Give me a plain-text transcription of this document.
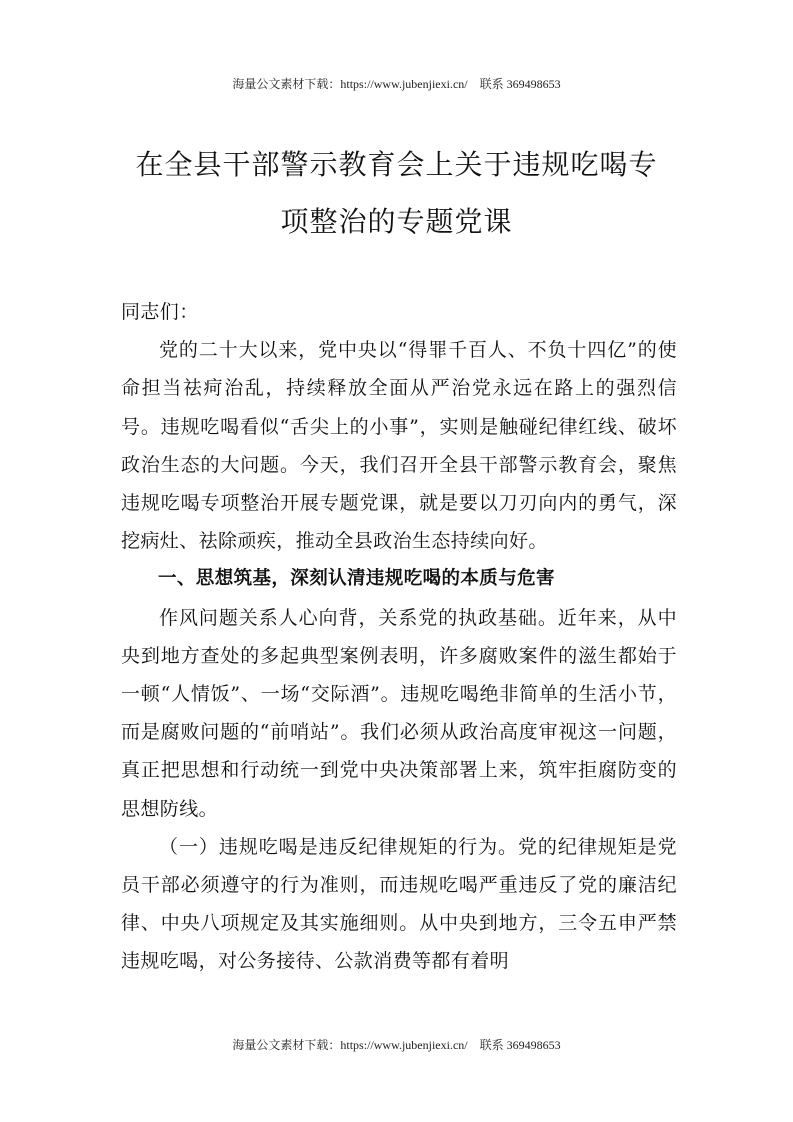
海量公文素材下载：https://www.jubenjiexi.cn/　联系 369498653
在全县干部警示教育会上关于违规吃喝专
项整治的专题党课

同志们：

党的二十大以来，党中央以“得罪千百人、不负十四亿”的使命担当祛疴治乱，持续释放全面从严治党永远在路上的强烈信号。违规吃喝看似“舌尖上的小事”，实则是触碰纪律红线、破坏政治生态的大问题。今天，我们召开全县干部警示教育会，聚焦违规吃喝专项整治开展专题党课，就是要以刀刃向内的勇气，深挖病灶、祛除顽疾，推动全县政治生态持续向好。

一、思想筑基，深刻认清违规吃喝的本质与危害

作风问题关系人心向背，关系党的执政基础。近年来，从中央到地方查处的多起典型案例表明，许多腐败案件的滋生都始于一顿“人情饭”、一场“交际酒”。违规吃喝绝非简单的生活小节，而是腐败问题的“前哨站”。我们必须从政治高度审视这一问题，真正把思想和行动统一到党中央决策部署上来，筑牢拒腐防变的思想防线。

（一）违规吃喝是违反纪律规矩的行为。党的纪律规矩是党员干部必须遵守的行为准则，而违规吃喝严重违反了党的廉洁纪律、中央八项规定及其实施细则。从中央到地方，三令五申严禁违规吃喝，对公务接待、公款消费等都有着明

海量公文素材下载：https://www.jubenjiexi.cn/　联系 369498653
